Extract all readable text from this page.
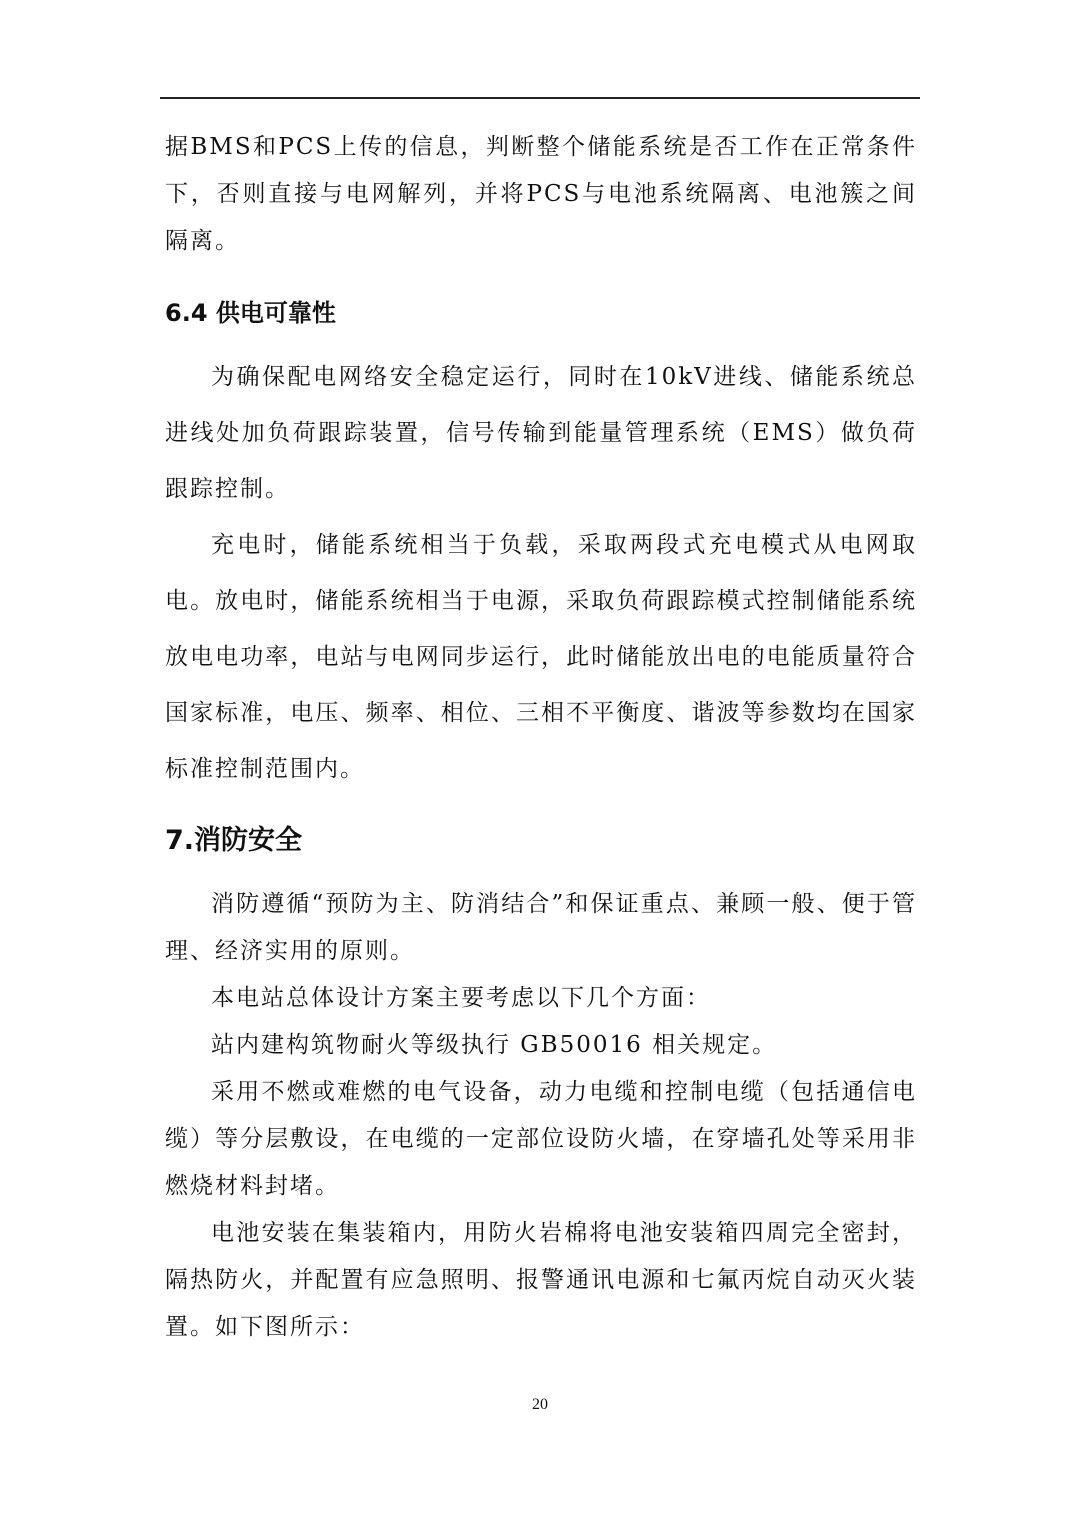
据BMS和PCS上传的信息，判断整个储能系统是否工作在正常条件下，否则直接与电网解列，并将PCS与电池系统隔离、电池簇之间隔离。

6.4 供电可靠性

为确保配电网络安全稳定运行，同时在10kV进线、储能系统总进线处加负荷跟踪装置，信号传输到能量管理系统（EMS）做负荷跟踪控制。

充电时，储能系统相当于负载，采取两段式充电模式从电网取电。放电时，储能系统相当于电源，采取负荷跟踪模式控制储能系统放电电功率，电站与电网同步运行，此时储能放出电的电能质量符合国家标准，电压、频率、相位、三相不平衡度、谐波等参数均在国家标准控制范围内。

7.消防安全

消防遵循“预防为主、防消结合”和保证重点、兼顾一般、便于管理、经济实用的原则。

本电站总体设计方案主要考虑以下几个方面：

站内建构筑物耐火等级执行 GB50016 相关规定。

采用不燃或难燃的电气设备，动力电缆和控制电缆（包括通信电缆）等分层敷设，在电缆的一定部位设防火墙，在穿墙孔处等采用非燃烧材料封堵。

电池安装在集装箱内，用防火岩棉将电池安装箱四周完全密封，隔热防火，并配置有应急照明、报警通讯电源和七氟丙烷自动灭火装置。如下图所示：

20
